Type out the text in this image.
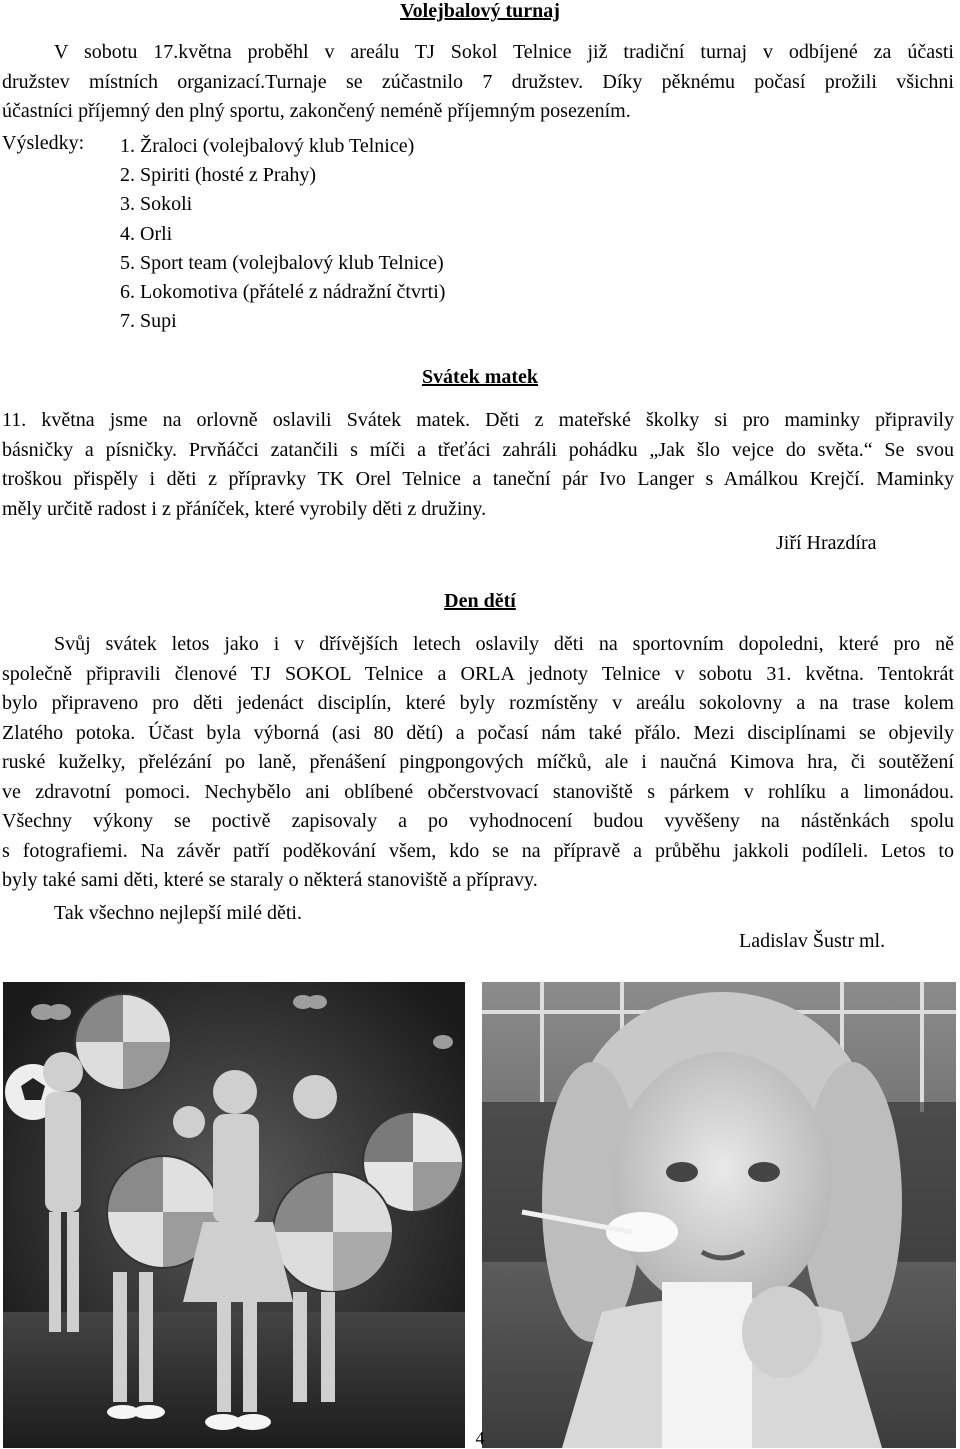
Volejbalový turnaj
V sobotu 17.května proběhl v areálu TJ Sokol Telnice již tradiční turnaj v odbíjené za účasti
družstev místních organizací.Turnaje se zúčastnilo 7 družstev. Díky pěknému počasí prožili všichni
účastníci příjemný den plný sportu, zakončený neméně příjemným posezením.
Výsledky: 1. Žraloci (volejbalový klub Telnice)
2. Spiriti (hosté z Prahy)
3. Sokoli
4. Orli
5. Sport team (volejbalový klub Telnice)
6. Lokomotiva (přátelé z nádražní čtvrti)
7. Supi
Svátek matek
11. května jsme na orlovně oslavili Svátek matek. Děti z mateřské školky si pro maminky připravily
básničky a písničky. Prvňáčci zatančili s míči a třeťáci zahráli pohádku „Jak šlo vejce do světa.“ Se svou
troškou přispěly i děti z přípravky TK Orel Telnice a taneční pár Ivo Langer s Amálkou Krejčí. Maminky
měly určitě radost i z přáníček, které vyrobily děti z družiny.
Jiří Hrazdíra
Den dětí
Svůj svátek letos jako i v dřívějších letech oslavily děti na sportovním dopoledni, které pro ně
společně připravili členové TJ SOKOL Telnice a ORLA jednoty Telnice v sobotu 31. května. Tentokrát
bylo připraveno pro děti jedenáct disciplín, které byly rozmístěny v areálu sokolovny a na trase kolem
Zlatého potoka. Účast byla výborná (asi 80 dětí) a počasí nám také přálo. Mezi disciplínami se objevily
ruské kuželky, přelézání po laně, přenášení pingpongových míčků, ale i naučná Kimova hra, či soutěžení
ve zdravotní pomoci. Nechybělo ani oblíbené občerstvovací stanoviště s párkem v rohlíku a limonádou.
Všechny výkony se poctivě zapisovaly a po vyhodnocení budou vyvěšeny na nástěnkách spolu
s fotografiemi. Na závěr patří poděkování všem, kdo se na přípravě a průběhu jakkoli podíleli. Letos to
byly také sami děti, které se staraly o některá stanoviště a přípravy.
Tak všechno nejlepší milé děti.
Ladislav Šustr ml.
4
